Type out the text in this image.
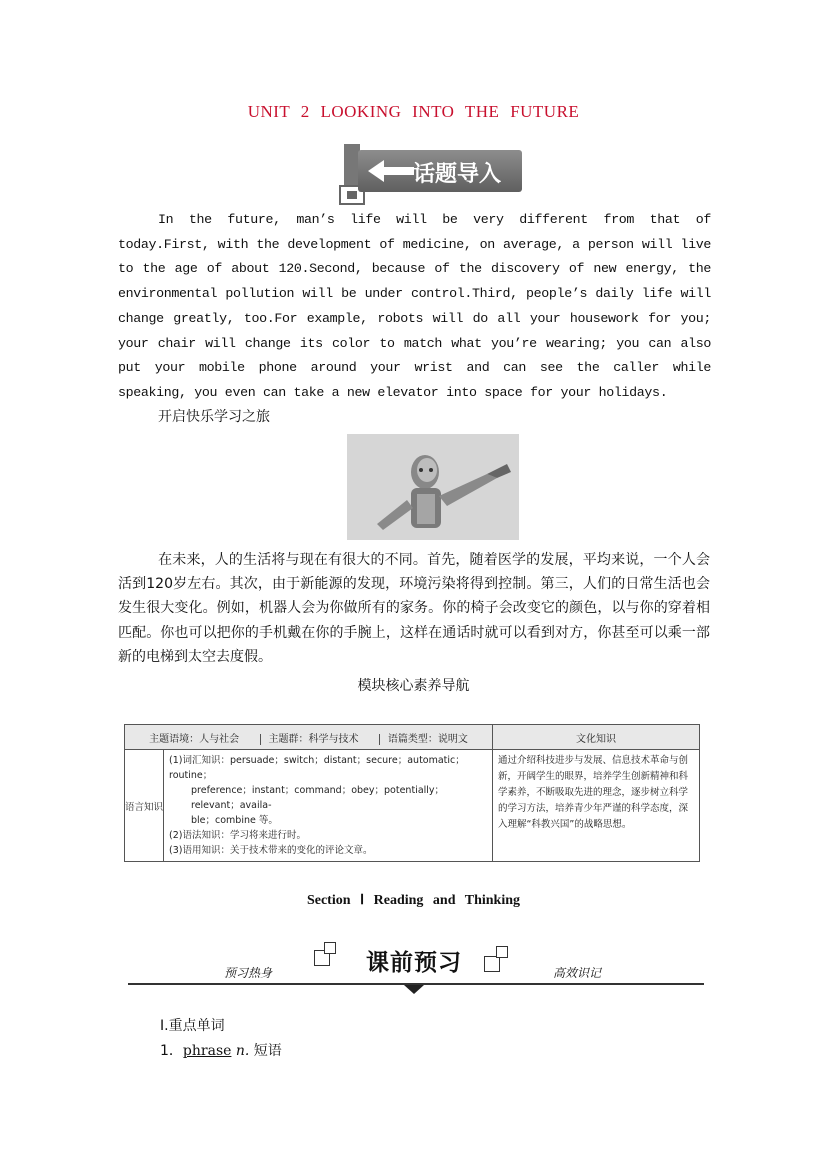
UNIT 2 LOOKING INTO THE FUTURE
话题导入
In the future, man’s life will be very different from that of today.First, with the development of medicine, on average, a person will live to the age of about 120.Second, because of the discovery of new energy, the environmental pollution will be under control.Third, people’s daily life will change greatly, too.For example, robots will do all your housework for you; your chair will change its color to match what you’re wearing; you can also put your mobile phone around your wrist and can see the caller while speaking, you even can take a new elevator into space for your holidays.
开启快乐学习之旅
在未来，人的生活将与现在有很大的不同。首先，随着医学的发展，平均来说，一个人会活到120岁左右。其次，由于新能源的发现，环境污染将得到控制。第三，人们的日常生活也会发生很大变化。例如，机器人会为你做所有的家务。你的椅子会改变它的颜色，以与你的穿着相匹配。你也可以把你的手机戴在你的手腕上，这样在通话时就可以看到对方，你甚至可以乘一部新的电梯到太空去度假。
模块核心素养导航
主题语境：人与社会 主题群：科学与技术 语篇类型：说明文		文化知识
语言知识	(1)词汇知识：persuade；switch；distant；secure；automatic；routine；
preference；instant；command；obey；potentially；relevant；availa-
ble；combine 等。
(2)语法知识：学习将来进行时。
(3)语用知识：关于技术带来的变化的评论文章。	通过介绍科技进步与发展、信息技术革命与创新，开阔学生的眼界，培养学生创新精神和科学素养，不断吸取先进的理念，逐步树立科学的学习方法，培养青少年严谨的科学态度，深入理解“科教兴国”的战略思想。
Section Ⅰ Reading and Thinking
预习热身	课前预习	高效识记
Ⅰ.重点单词
1．phrase n. 短语
